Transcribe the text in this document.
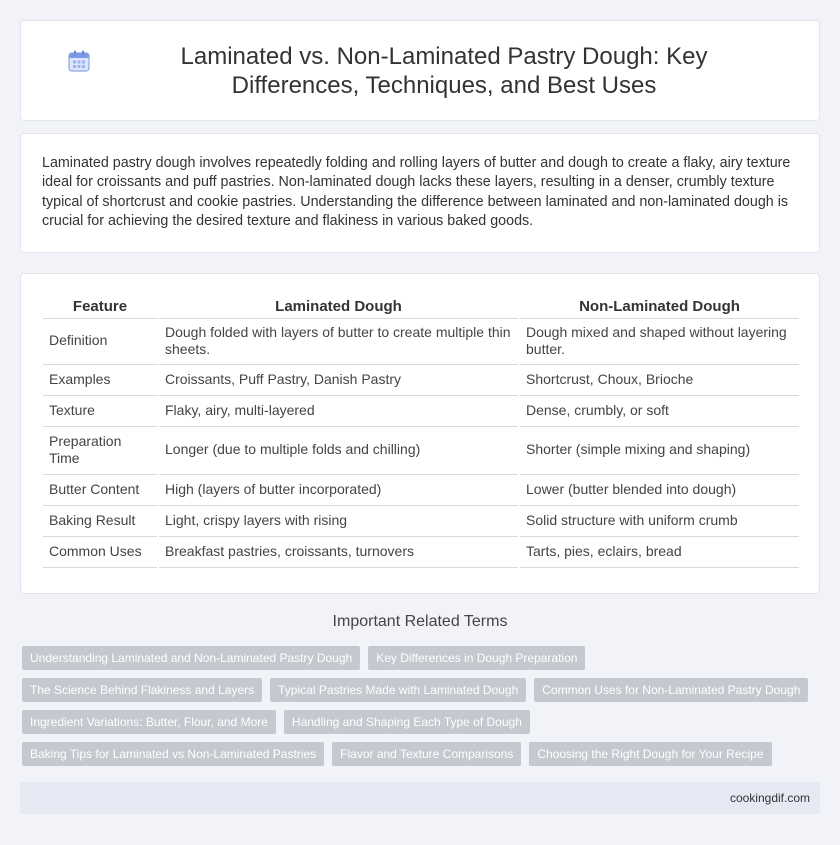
Laminated vs. Non-Laminated Pastry Dough: Key Differences, Techniques, and Best Uses

Laminated pastry dough involves repeatedly folding and rolling layers of butter and dough to create a flaky, airy texture ideal for croissants and puff pastries. Non-laminated dough lacks these layers, resulting in a denser, crumbly texture typical of shortcrust and cookie pastries. Understanding the difference between laminated and non-laminated dough is crucial for achieving the desired texture and flakiness in various baked goods.

Feature	Laminated Dough	Non-Laminated Dough
Definition	Dough folded with layers of butter to create multiple thin sheets.	Dough mixed and shaped without layering butter.
Examples	Croissants, Puff Pastry, Danish Pastry	Shortcrust, Choux, Brioche
Texture	Flaky, airy, multi-layered	Dense, crumbly, or soft
Preparation Time	Longer (due to multiple folds and chilling)	Shorter (simple mixing and shaping)
Butter Content	High (layers of butter incorporated)	Lower (butter blended into dough)
Baking Result	Light, crispy layers with rising	Solid structure with uniform crumb
Common Uses	Breakfast pastries, croissants, turnovers	Tarts, pies, eclairs, bread
Important Related Terms
Understanding Laminated and Non-Laminated Pastry Dough	Key Differences in Dough Preparation
The Science Behind Flakiness and Layers	Typical Pastries Made with Laminated Dough	Common Uses for Non-Laminated Pastry Dough
Ingredient Variations: Butter, Flour, and More	Handling and Shaping Each Type of Dough
Baking Tips for Laminated vs Non-Laminated Pastries	Flavor and Texture Comparisons	Choosing the Right Dough for Your Recipe
cookingdif.com
